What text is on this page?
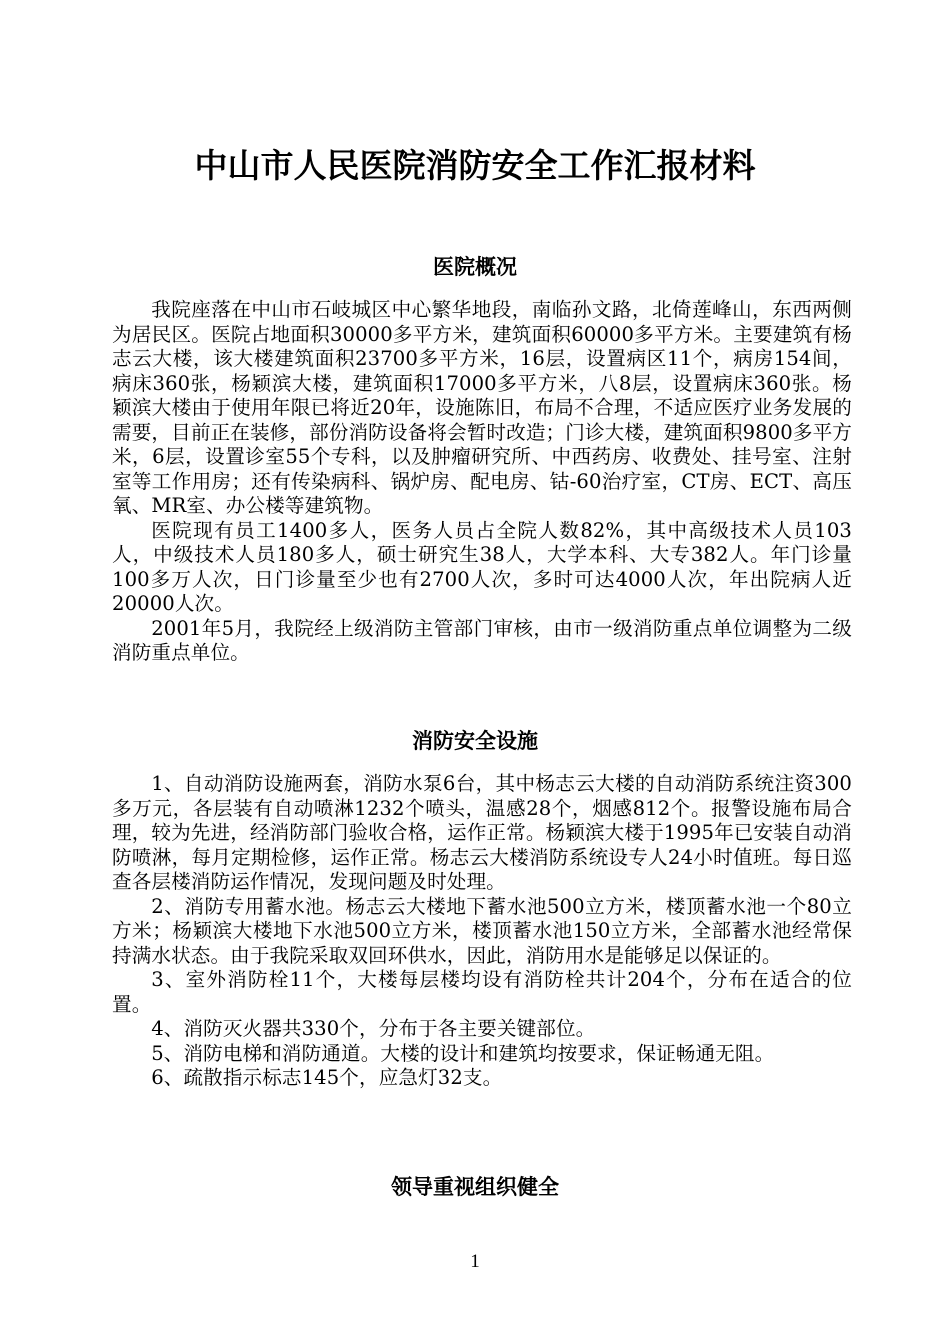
中山市人民医院消防安全工作汇报材料
医院概况

我院座落在中山市石岐城区中心繁华地段，南临孙文路，北倚莲峰山，东西两侧为居民区。医院占地面积30000多平方米，建筑面积60000多平方米。主要建筑有杨志云大楼，该大楼建筑面积23700多平方米，16层，设置病区11个，病房154间，病床360张，杨颖滨大楼，建筑面积17000多平方米，八8层，设置病床360张。杨颖滨大楼由于使用年限已将近20年，设施陈旧，布局不合理，不适应医疗业务发展的需要，目前正在装修，部份消防设备将会暂时改造；门诊大楼，建筑面积9800多平方米，6层，设置诊室55个专科，以及肿瘤研究所、中西药房、收费处、挂号室、注射室等工作用房；还有传染病科、锅炉房、配电房、钴-60治疗室，CT房、ECT、高压氧、MR室、办公楼等建筑物。

医院现有员工1400多人，医务人员占全院人数82%，其中高级技术人员103人，中级技术人员180多人，硕士研究生38人，大学本科、大专382人。年门诊量100多万人次，日门诊量至少也有2700人次，多时可达4000人次，年出院病人近20000人次。

2001年5月，我院经上级消防主管部门审核，由市一级消防重点单位调整为二级消防重点单位。

消防安全设施

1、自动消防设施两套，消防水泵6台，其中杨志云大楼的自动消防系统注资300多万元，各层装有自动喷淋1232个喷头，温感28个，烟感812个。报警设施布局合理，较为先进，经消防部门验收合格，运作正常。杨颖滨大楼于1995年已安装自动消防喷淋，每月定期检修，运作正常。杨志云大楼消防系统设专人24小时值班。每日巡查各层楼消防运作情况，发现问题及时处理。

2、消防专用蓄水池。杨志云大楼地下蓄水池500立方米，楼顶蓄水池一个80立方米；杨颖滨大楼地下水池500立方米，楼顶蓄水池150立方米，全部蓄水池经常保持满水状态。由于我院采取双回环供水，因此，消防用水是能够足以保证的。

3、室外消防栓11个，大楼每层楼均设有消防栓共计204个，分布在适合的位置。

4、消防灭火器共330个，分布于各主要关键部位。

5、消防电梯和消防通道。大楼的设计和建筑均按要求，保证畅通无阻。

6、疏散指示标志145个，应急灯32支。

领导重视组织健全
1
